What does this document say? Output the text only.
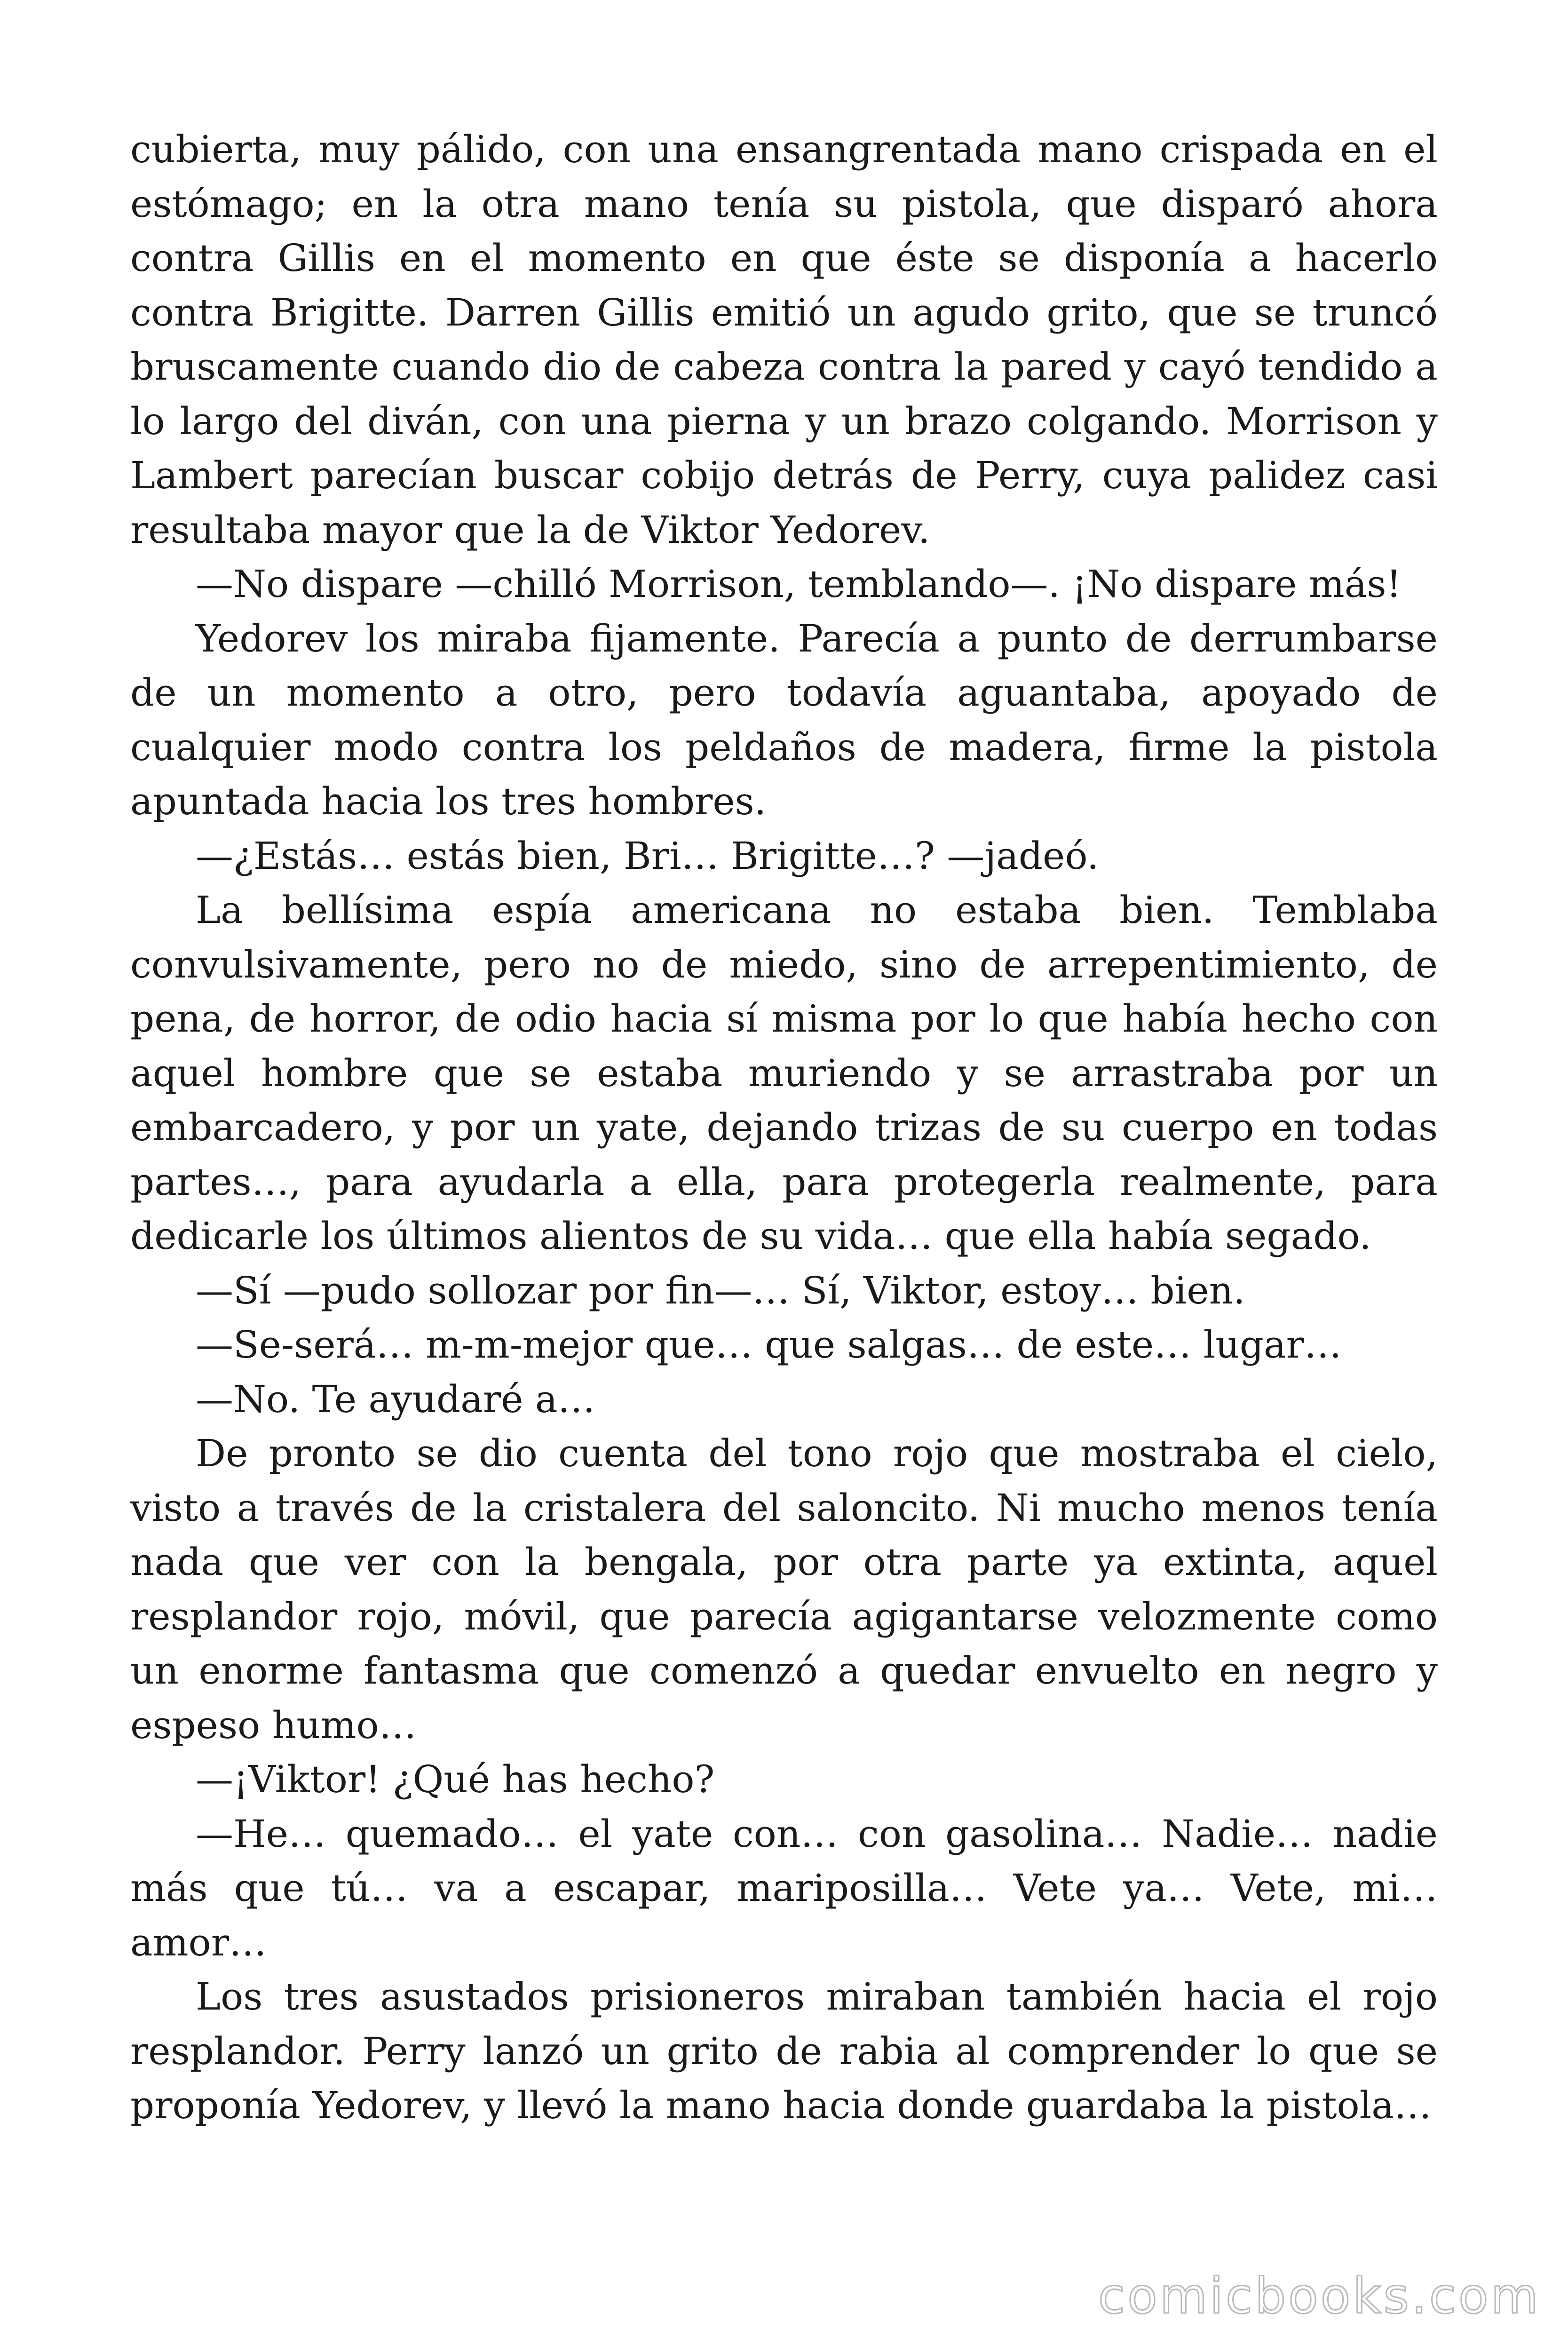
cubierta, muy pálido, con una ensangrentada mano crispada en el estómago; en la otra mano tenía su pistola, que disparó ahora contra Gillis en el momento en que éste se disponía a hacerlo contra Brigitte. Darren Gillis emitió un agudo grito, que se truncó bruscamente cuando dio de cabeza contra la pared y cayó tendido a lo largo del diván, con una pierna y un brazo colgando. Morrison y Lambert parecían buscar cobijo detrás de Perry, cuya palidez casi resultaba mayor que la de Viktor Yedorev.

—No dispare —chilló Morrison, temblando—. ¡No dispare más!

Yedorev los miraba fijamente. Parecía a punto de derrumbarse de un momento a otro, pero todavía aguantaba, apoyado de cualquier modo contra los peldaños de madera, firme la pistola apuntada hacia los tres hombres.

—¿Estás… estás bien, Bri… Brigitte…? —jadeó.

La bellísima espía americana no estaba bien. Temblaba convulsivamente, pero no de miedo, sino de arrepentimiento, de pena, de horror, de odio hacia sí misma por lo que había hecho con aquel hombre que se estaba muriendo y se arrastraba por un embarcadero, y por un yate, dejando trizas de su cuerpo en todas partes…, para ayudarla a ella, para protegerla realmente, para dedicarle los últimos alientos de su vida… que ella había segado.

—Sí —pudo sollozar por fin—… Sí, Viktor, estoy… bien.

—Se-será… m-m-mejor que… que salgas… de este… lugar…

—No. Te ayudaré a…

De pronto se dio cuenta del tono rojo que mostraba el cielo, visto a través de la cristalera del saloncito. Ni mucho menos tenía nada que ver con la bengala, por otra parte ya extinta, aquel resplandor rojo, móvil, que parecía agigantarse velozmente como un enorme fantasma que comenzó a quedar envuelto en negro y espeso humo…

—¡Viktor! ¿Qué has hecho?

—He… quemado… el yate con… con gasolina… Nadie… nadie más que tú… va a escapar, mariposilla… Vete ya… Vete, mi… amor…

Los tres asustados prisioneros miraban también hacia el rojo resplandor. Perry lanzó un grito de rabia al comprender lo que se proponía Yedorev, y llevó la mano hacia donde guardaba la pistola…

comicbooks.com
